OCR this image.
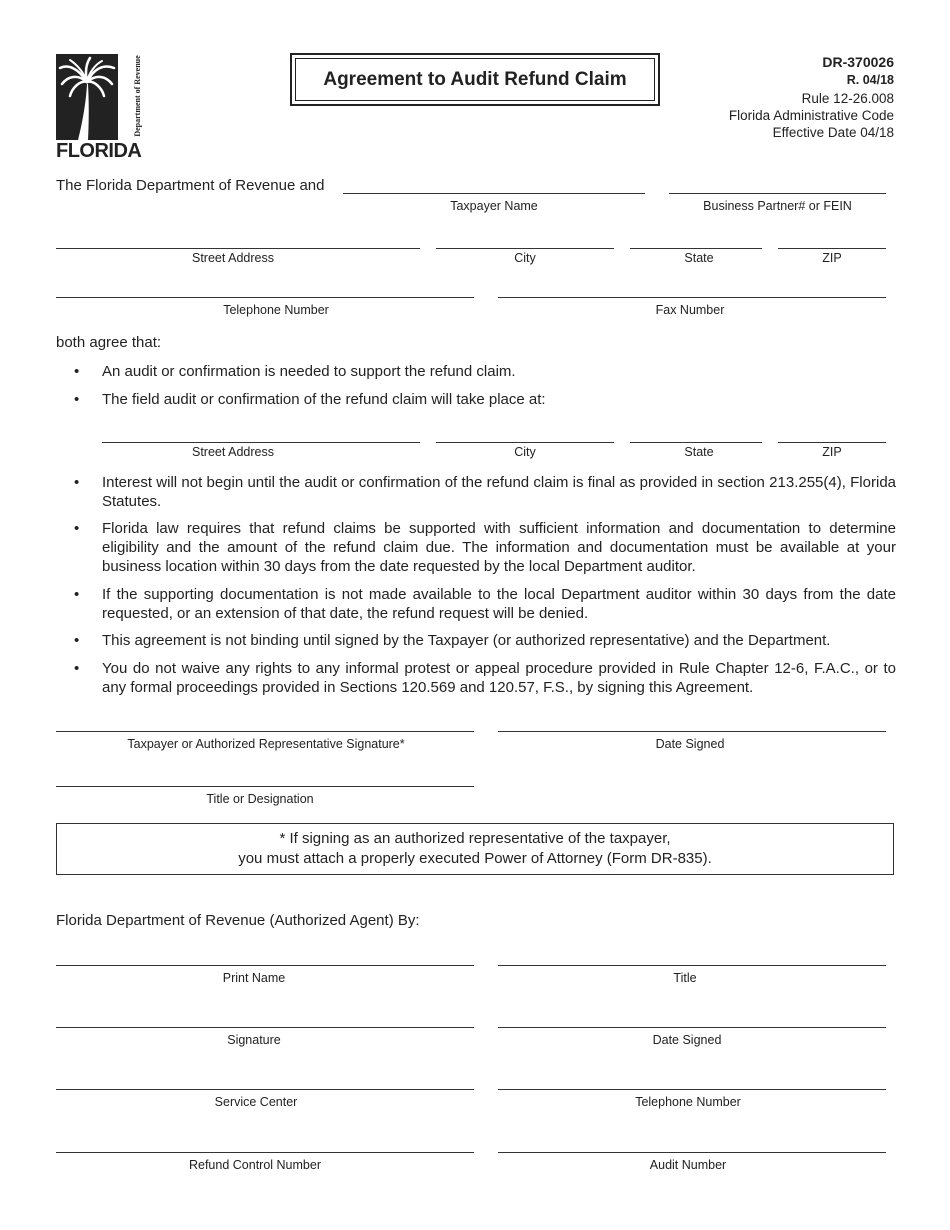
Department of Revenue
FLORIDA
Agreement to Audit Refund Claim
DR-370026
R. 04/18
Rule 12-26.008
Florida Administrative Code
Effective Date 04/18
The Florida Department of Revenue and
Taxpayer Name	Business Partner# or FEIN
Street Address	City	State	ZIP
Telephone Number	Fax Number
both agree that:
• An audit or confirmation is needed to support the refund claim.
• The field audit or confirmation of the refund claim will take place at:
Street Address	City	State	ZIP
• Interest will not begin until the audit or confirmation of the refund claim is final as provided in section 213.255(4), Florida Statutes.
• Florida law requires that refund claims be supported with sufficient information and documentation to determine eligibility and the amount of the refund claim due. The information and documentation must be available at your business location within 30 days from the date requested by the local Department auditor.
• If the supporting documentation is not made available to the local Department auditor within 30 days from the date requested, or an extension of that date, the refund request will be denied.
• This agreement is not binding until signed by the Taxpayer (or authorized representative) and the Department.
• You do not waive any rights to any informal protest or appeal procedure provided in Rule Chapter 12-6, F.A.C., or to any formal proceedings provided in Sections 120.569 and 120.57, F.S., by signing this Agreement.
Taxpayer or Authorized Representative Signature*	Date Signed
Title or Designation
* If signing as an authorized representative of the taxpayer,
you must attach a properly executed Power of Attorney (Form DR-835).
Florida Department of Revenue (Authorized Agent) By:
Print Name	Title
Signature	Date Signed
Service Center	Telephone Number
Refund Control Number	Audit Number
